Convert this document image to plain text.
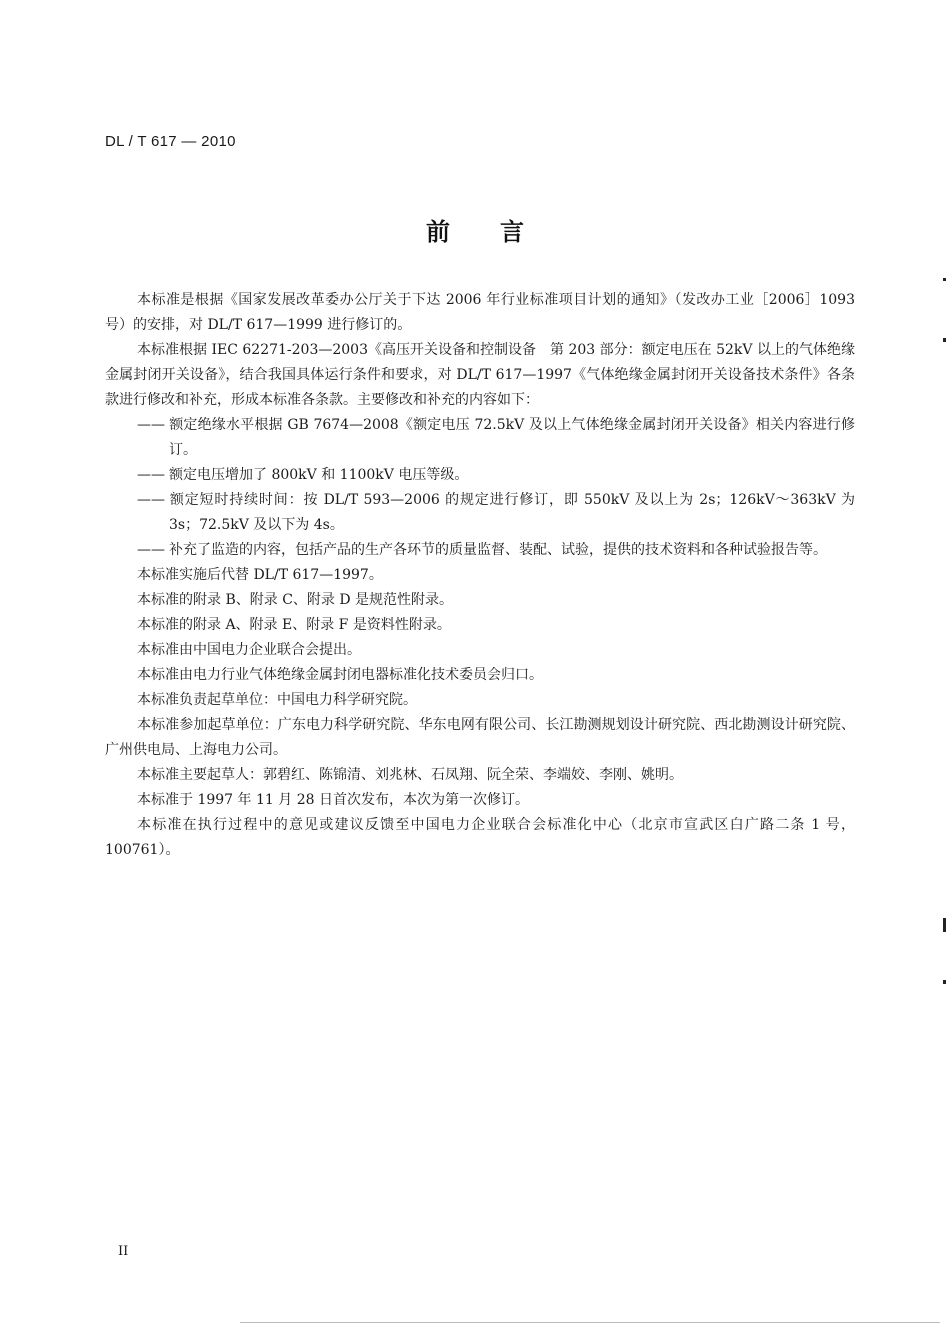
DL / T 617 — 2010
前言

本标准是根据《国家发展改革委办公厅关于下达 2006 年行业标准项目计划的通知》（发改办工业［2006］1093 号）的安排，对 DL/T 617—1999 进行修订的。

本标准根据 IEC 62271-203—2003《高压开关设备和控制设备　第 203 部分：额定电压在 52kV 以上的气体绝缘金属封闭开关设备》，结合我国具体运行条件和要求，对 DL/T 617—1997《气体绝缘金属封闭开关设备技术条件》各条款进行修改和补充，形成本标准各条款。主要修改和补充的内容如下：

—— 额定绝缘水平根据 GB 7674—2008《额定电压 72.5kV 及以上气体绝缘金属封闭开关设备》相关内容进行修订。

—— 额定电压增加了 800kV 和 1100kV 电压等级。

—— 额定短时持续时间：按 DL/T 593—2006 的规定进行修订，即 550kV 及以上为 2s；126kV～363kV 为 3s；72.5kV 及以下为 4s。

—— 补充了监造的内容，包括产品的生产各环节的质量监督、装配、试验，提供的技术资料和各种试验报告等。

本标准实施后代替 DL/T 617—1997。

本标准的附录 B、附录 C、附录 D 是规范性附录。

本标准的附录 A、附录 E、附录 F 是资料性附录。

本标准由中国电力企业联合会提出。

本标准由电力行业气体绝缘金属封闭电器标准化技术委员会归口。

本标准负责起草单位：中国电力科学研究院。

本标准参加起草单位：广东电力科学研究院、华东电网有限公司、长江勘测规划设计研究院、西北勘测设计研究院、广州供电局、上海电力公司。

本标准主要起草人：郭碧红、陈锦清、刘兆林、石凤翔、阮全荣、李端姣、李刚、姚明。

本标准于 1997 年 11 月 28 日首次发布，本次为第一次修订。

本标准在执行过程中的意见或建议反馈至中国电力企业联合会标准化中心（北京市宣武区白广路二条 1 号，100761）。

II
